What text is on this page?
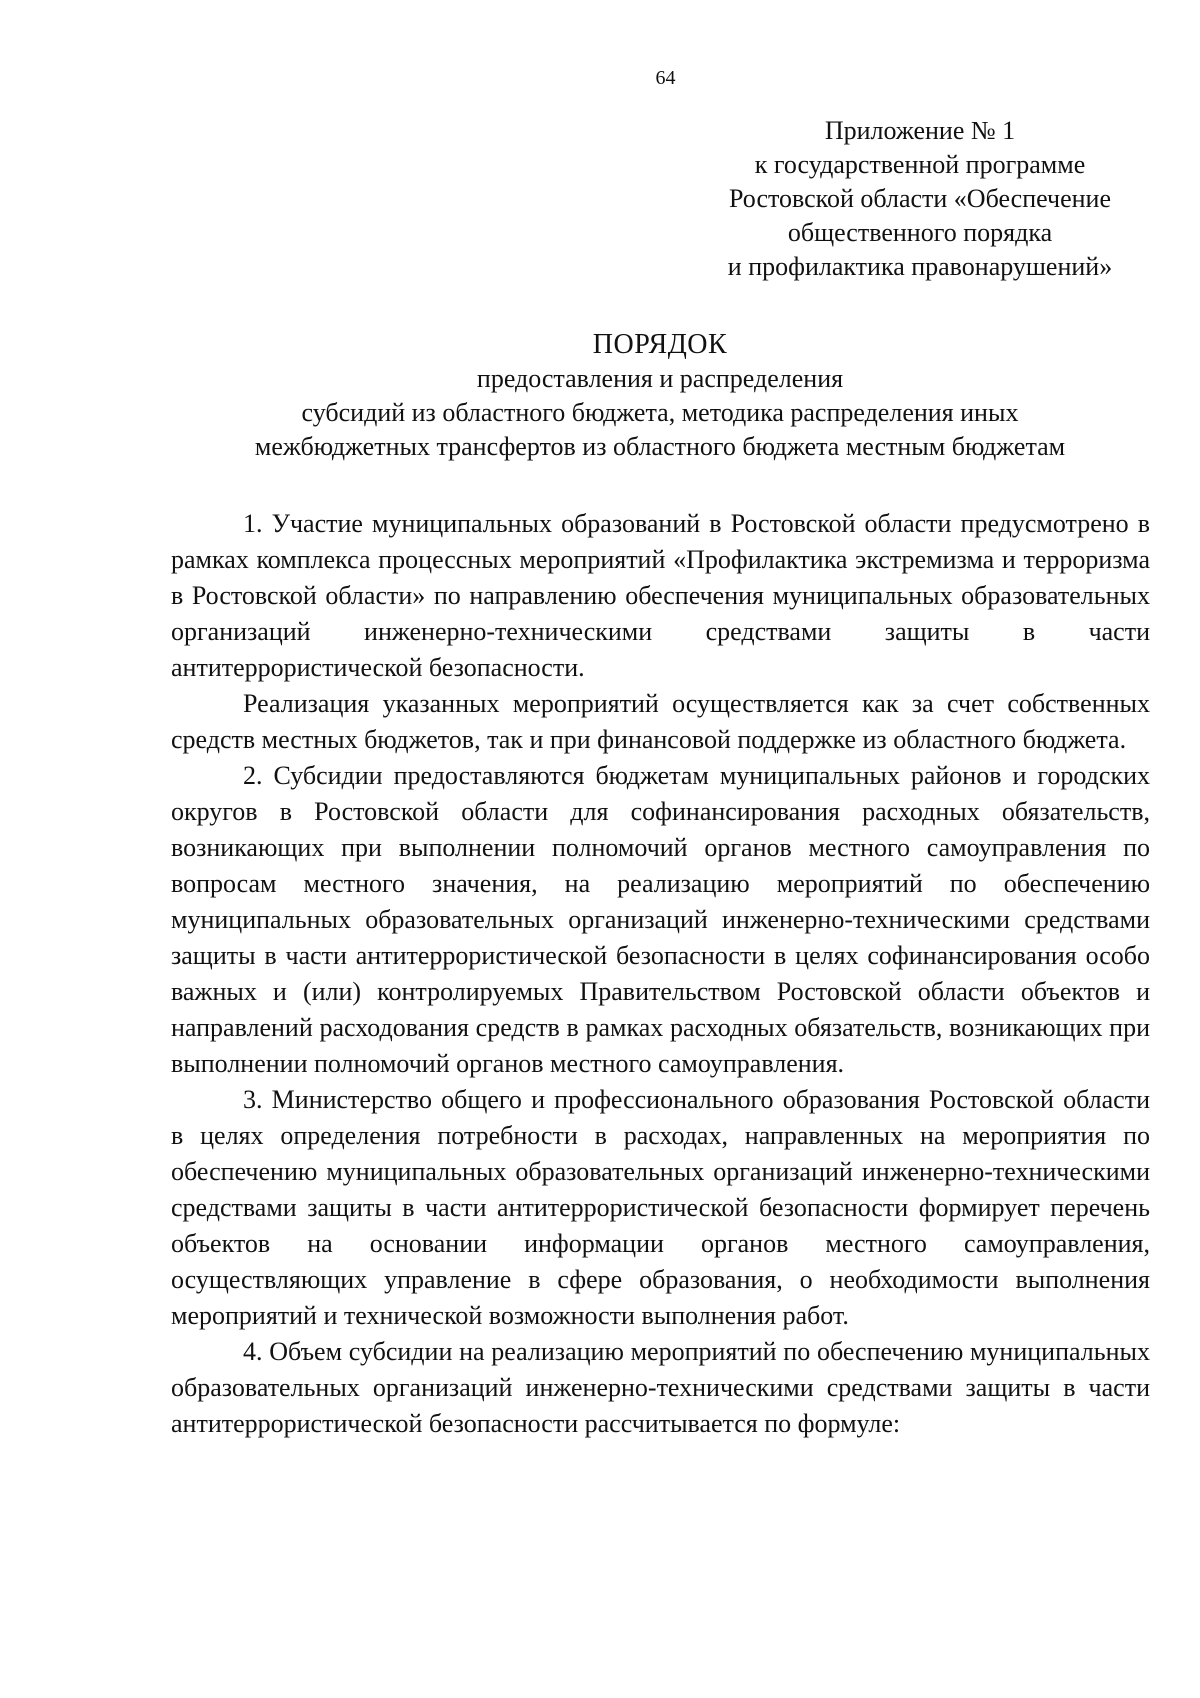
64
Приложение № 1
к государственной программе
Ростовской области «Обеспечение
общественного порядка
и профилактика правонарушений»
ПОРЯДОК
предоставления и распределения
субсидий из областного бюджета, методика распределения иных
межбюджетных трансфертов из областного бюджета местным бюджетам

1. Участие муниципальных образований в Ростовской области предусмотрено в рамках комплекса процессных мероприятий «Профилактика экстремизма и терроризма в Ростовской области» по направлению обеспечения муниципальных образовательных организаций инженерно-техническими средствами защиты в части антитеррористической безопасности.

Реализация указанных мероприятий осуществляется как за счет собственных средств местных бюджетов, так и при финансовой поддержке из областного бюджета.

2. Субсидии предоставляются бюджетам муниципальных районов и городских округов в Ростовской области для софинансирования расходных обязательств, возникающих при выполнении полномочий органов местного самоуправления по вопросам местного значения, на реализацию мероприятий по обеспечению муниципальных образовательных организаций инженерно-техническими средствами защиты в части антитеррористической безопасности в целях софинансирования особо важных и (или) контролируемых Правительством Ростовской области объектов и направлений расходования средств в рамках расходных обязательств, возникающих при выполнении полномочий органов местного самоуправления.

3. Министерство общего и профессионального образования Ростовской области в целях определения потребности в расходах, направленных на мероприятия по обеспечению муниципальных образовательных организаций инженерно-техническими средствами защиты в части антитеррористической безопасности формирует перечень объектов на основании информации органов местного самоуправления, осуществляющих управление в сфере образования, о необходимости выполнения мероприятий и технической возможности выполнения работ.

4. Объем субсидии на реализацию мероприятий по обеспечению муниципальных образовательных организаций инженерно-техническими средствами защиты в части антитеррористической безопасности рассчитывается по формуле:
